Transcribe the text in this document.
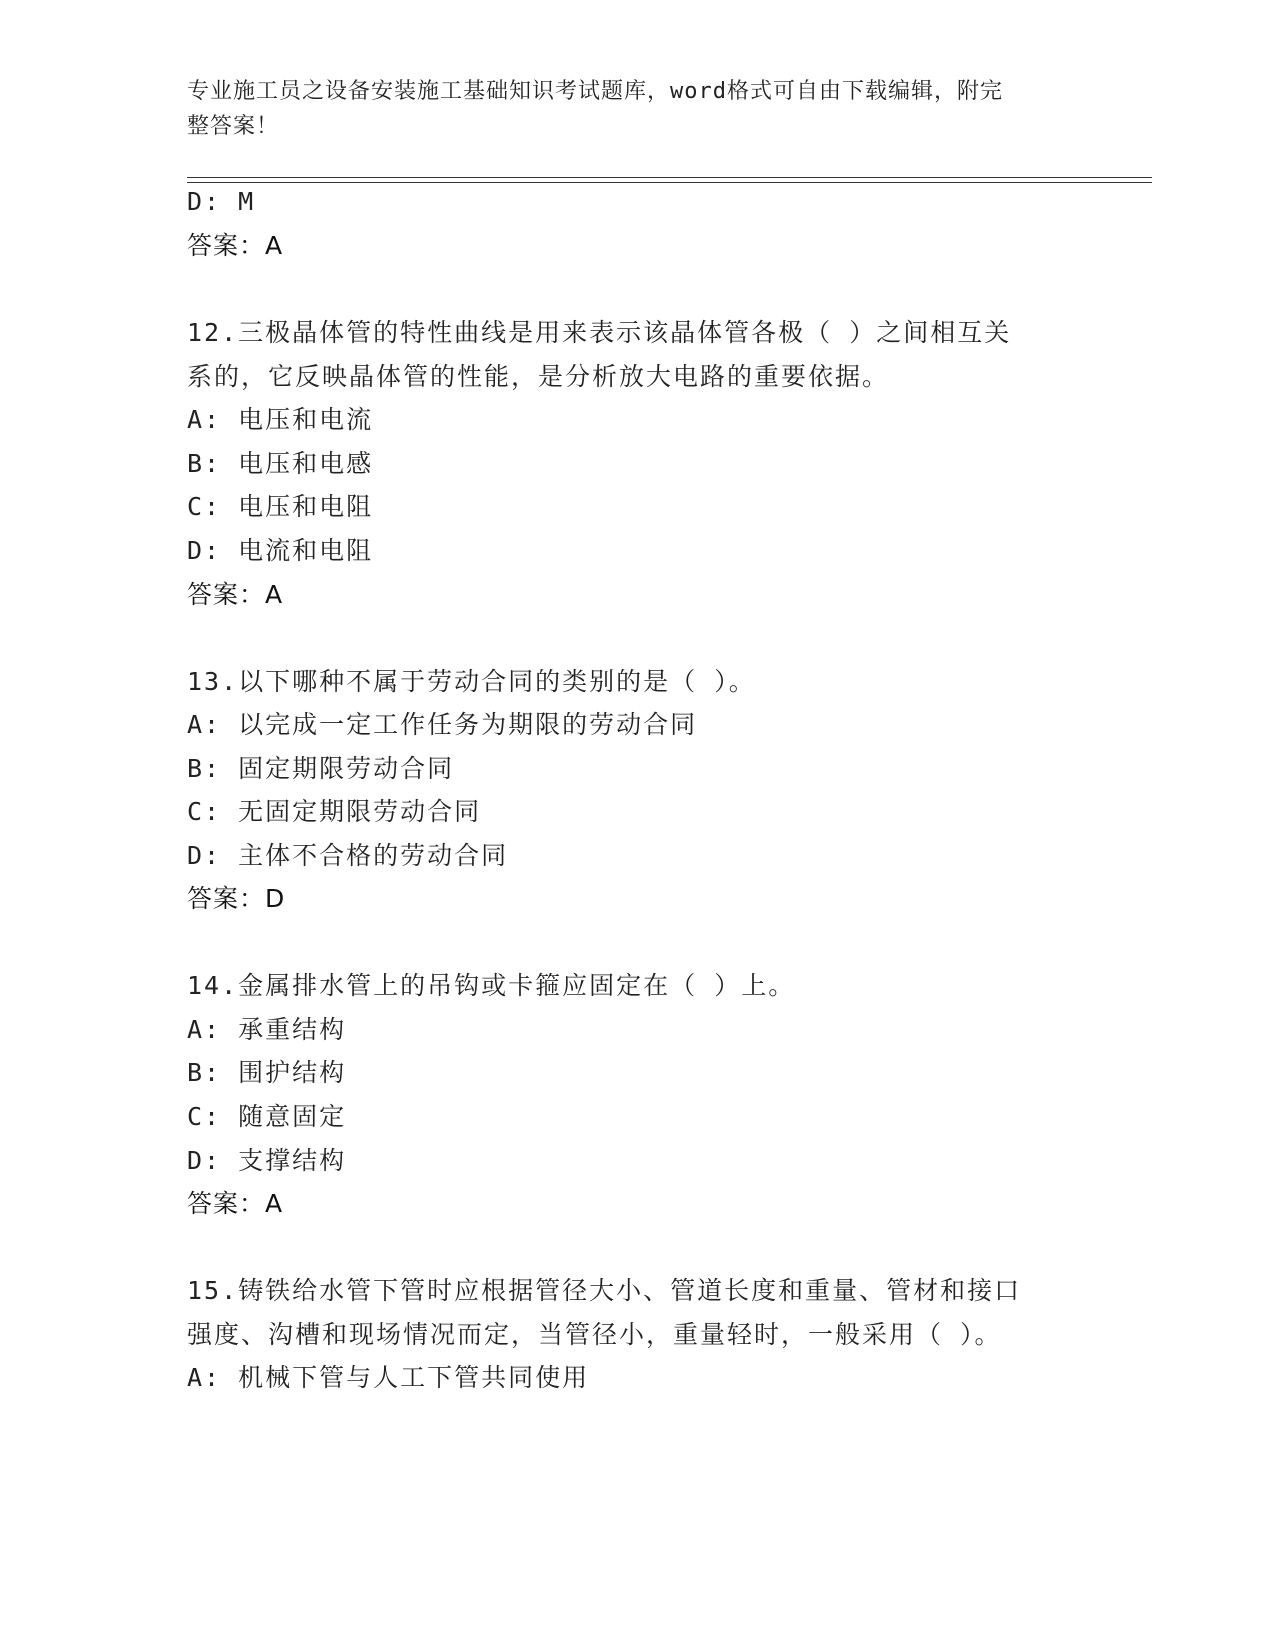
专业施工员之设备安装施工基础知识考试题库，word格式可自由下载编辑，附完
整答案！
D: M
答案：A
12.三极晶体管的特性曲线是用来表示该晶体管各极（ ）之间相互关
系的，它反映晶体管的性能，是分析放大电路的重要依据。
A: 电压和电流
B: 电压和电感
C: 电压和电阻
D: 电流和电阻
答案：A
13.以下哪种不属于劳动合同的类别的是（ ）。
A: 以完成一定工作任务为期限的劳动合同
B: 固定期限劳动合同
C: 无固定期限劳动合同
D: 主体不合格的劳动合同
答案：D
14.金属排水管上的吊钩或卡箍应固定在（ ）上。
A: 承重结构
B: 围护结构
C: 随意固定
D: 支撑结构
答案：A
15.铸铁给水管下管时应根据管径大小、管道长度和重量、管材和接口
强度、沟槽和现场情况而定，当管径小，重量轻时，一般采用（ ）。
A: 机械下管与人工下管共同使用
